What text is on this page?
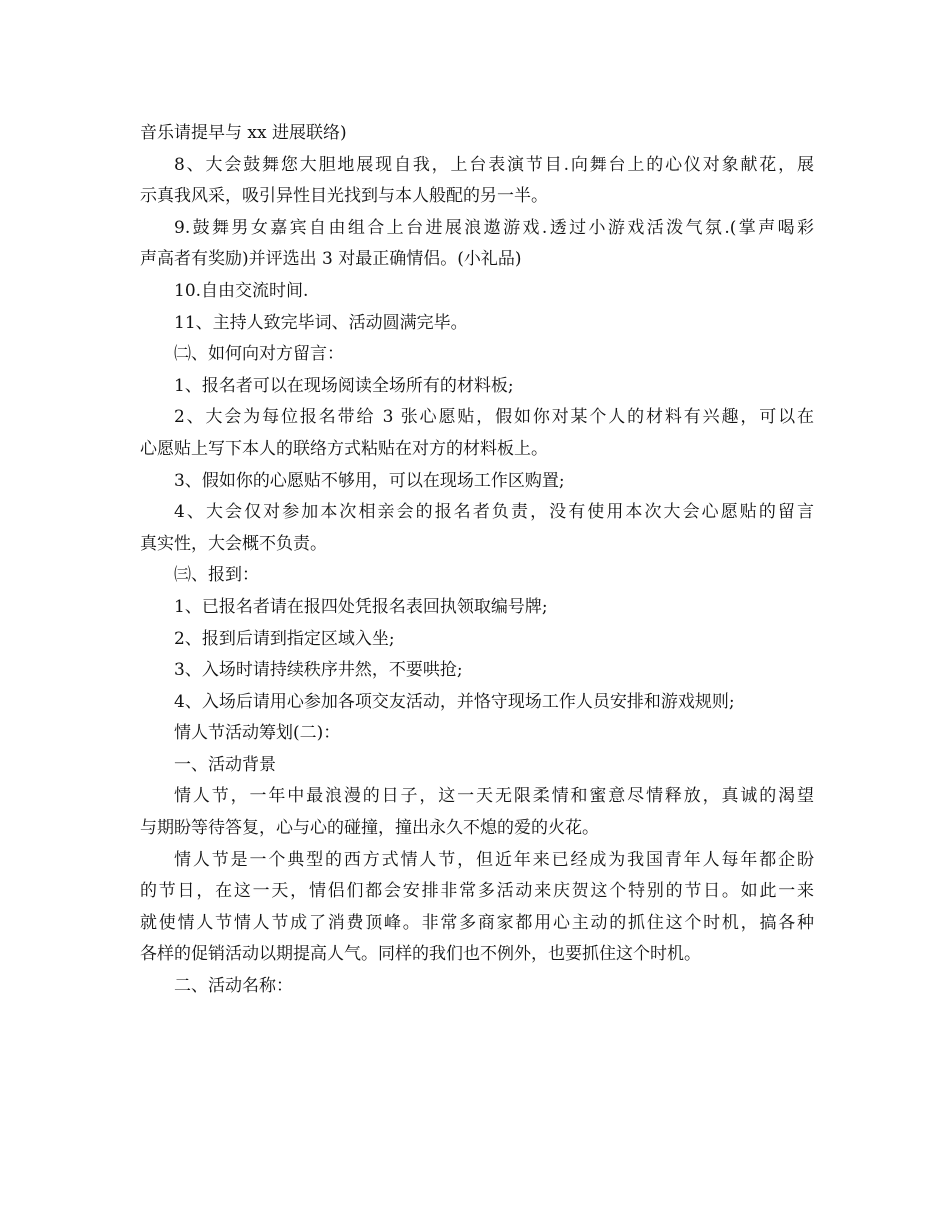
音乐请提早与 xx 进展联络)
8、大会鼓舞您大胆地展现自我，上台表演节目.向舞台上的心仪对象献花，展
示真我风采，吸引异性目光找到与本人般配的另一半。
9.鼓舞男女嘉宾自由组合上台进展浪遨游戏.透过小游戏活泼气氛.(掌声喝彩
声高者有奖励)并评选出 3 对最正确情侣。(小礼品)
10.自由交流时间.
11、主持人致完毕词、活动圆满完毕。
㈡、如何向对方留言：
1、报名者可以在现场阅读全场所有的材料板;
2、大会为每位报名带给 3 张心愿贴，假如你对某个人的材料有兴趣，可以在
心愿贴上写下本人的联络方式粘贴在对方的材料板上。
3、假如你的心愿贴不够用，可以在现场工作区购置;
4、大会仅对参加本次相亲会的报名者负责，没有使用本次大会心愿贴的留言
真实性，大会概不负责。
㈢、报到：
1、已报名者请在报四处凭报名表回执领取编号牌;
2、报到后请到指定区域入坐;
3、入场时请持续秩序井然，不要哄抢;
4、入场后请用心参加各项交友活动，并恪守现场工作人员安排和游戏规则;
情人节活动筹划(二)：
一、活动背景
情人节，一年中最浪漫的日子，这一天无限柔情和蜜意尽情释放，真诚的渴望
与期盼等待答复，心与心的碰撞，撞出永久不熄的爱的火花。
情人节是一个典型的西方式情人节，但近年来已经成为我国青年人每年都企盼
的节日，在这一天，情侣们都会安排非常多活动来庆贺这个特别的节日。如此一来
就使情人节情人节成了消费顶峰。非常多商家都用心主动的抓住这个时机，搞各种
各样的促销活动以期提高人气。同样的我们也不例外，也要抓住这个时机。
二、活动名称：
